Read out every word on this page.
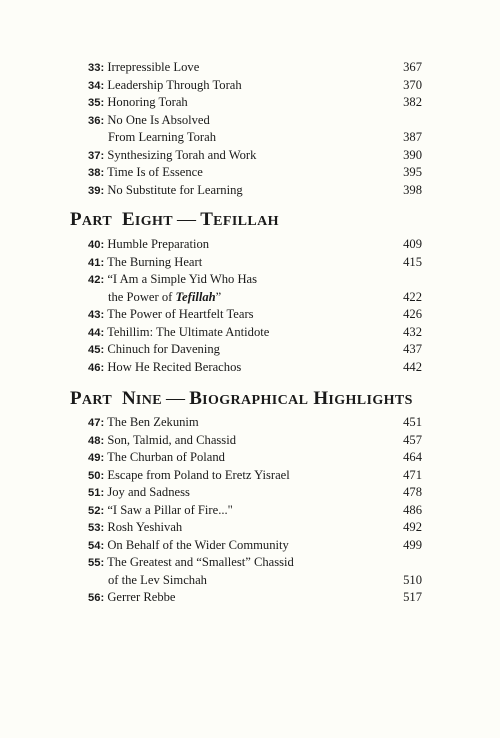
33: Irrepressible Love	367
34: Leadership Through Torah	370
35: Honoring Torah	382
36: No One Is Absolved
From Learning Torah	387
37: Synthesizing Torah and Work	390
38: Time Is of Essence	395
39: No Substitute for Learning	398
PART EIGHT — TEFILLAH
40: Humble Preparation	409
41: The Burning Heart	415
42: “I Am a Simple Yid Who Has
the Power of Tefillah”	422
43: The Power of Heartfelt Tears	426
44: Tehillim: The Ultimate Antidote	432
45: Chinuch for Davening	437
46: How He Recited Berachos	442
PART NINE — BIOGRAPHICAL HIGHLIGHTS
47: The Ben Zekunim	451
48: Son, Talmid, and Chassid	457
49: The Churban of Poland	464
50: Escape from Poland to Eretz Yisrael	471
51: Joy and Sadness	478
52: “I Saw a Pillar of Fire..."	486
53: Rosh Yeshivah	492
54: On Behalf of the Wider Community	499
55: The Greatest and “Smallest” Chassid
of the Lev Simchah	510
56: Gerrer Rebbe	517
